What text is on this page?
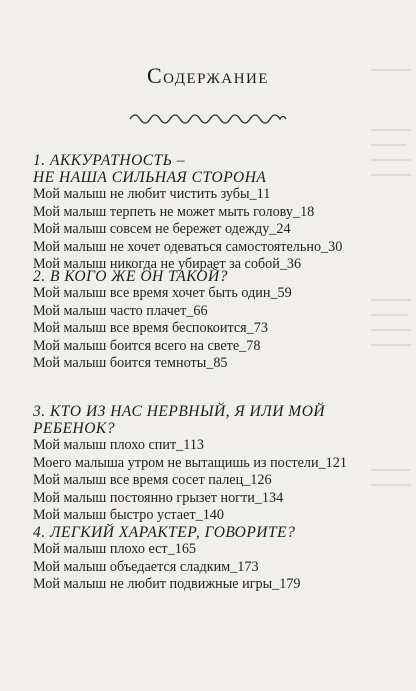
Содержание
1. АККУРАТНОСТЬ –
НЕ НАША СИЛЬНАЯ СТОРОНА
Мой малыш не любит чистить зубы_11
Мой малыш терпеть не может мыть голову_18
Мой малыш совсем не бережет одежду_24
Мой малыш не хочет одеваться самостоятельно_30
Мой малыш никогда не убирает за собой_36
2. В КОГО ЖЕ ОН ТАКОЙ?
Мой малыш все время хочет быть один_59
Мой малыш часто плачет_66
Мой малыш все время беспокоится_73
Мой малыш боится всего на свете_78
Мой малыш боится темноты_85
3. КТО ИЗ НАС НЕРВНЫЙ, Я ИЛИ МОЙ
РЕБЕНОК?
Мой малыш плохо спит_113
Моего малыша утром не вытащишь из постели_121
Мой малыш все время сосет палец_126
Мой малыш постоянно грызет ногти_134
Мой малыш быстро устает_140
4. ЛЕГКИЙ ХАРАКТЕР, ГОВОРИТЕ?
Мой малыш плохо ест_165
Мой малыш объедается сладким_173
Мой малыш не любит подвижные игры_179
